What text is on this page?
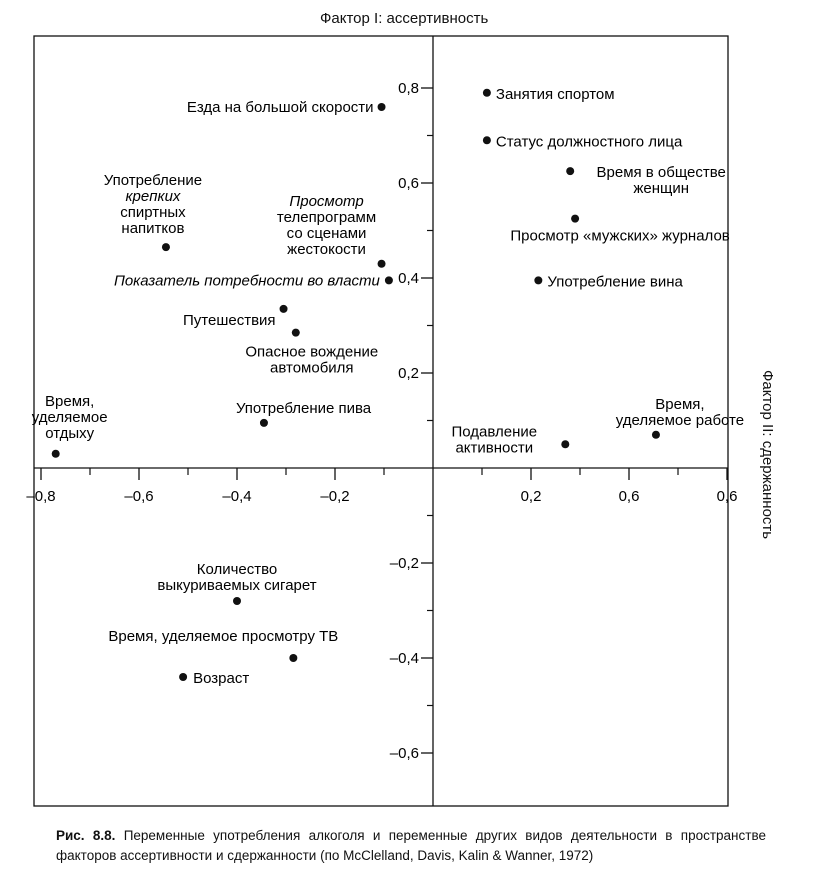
Фактор I: ассертивность
Фактор II: сдержанность
–0,8	–0,6	–0,4	–0,2	0,2	0,6	0,6
0,8
0,6
0,4
0,2
–0,2
–0,4
–0,6
Езда на большой скорости
Употребление крепких спиртных напитков
Просмотр телепрограмм со сценами жестокости
Показатель потребности во власти
Путешествия
Опасное вождение автомобиля
Время, уделяемое отдыху
Употребление пива
Занятия спортом
Статус должностного лица
Время в обществе женщин
Просмотр «мужских» журналов
Употребление вина
Подавление активности
Время, уделяемое работе
Количество выкуриваемых сигарет
Время, уделяемое просмотру ТВ
Возраст
Рис. 8.8. Переменные употребления алкоголя и переменные других видов деятельности в пространстве факторов ассертивности и сдержанности (по McClelland, Davis, Kalin & Wanner, 1972)
